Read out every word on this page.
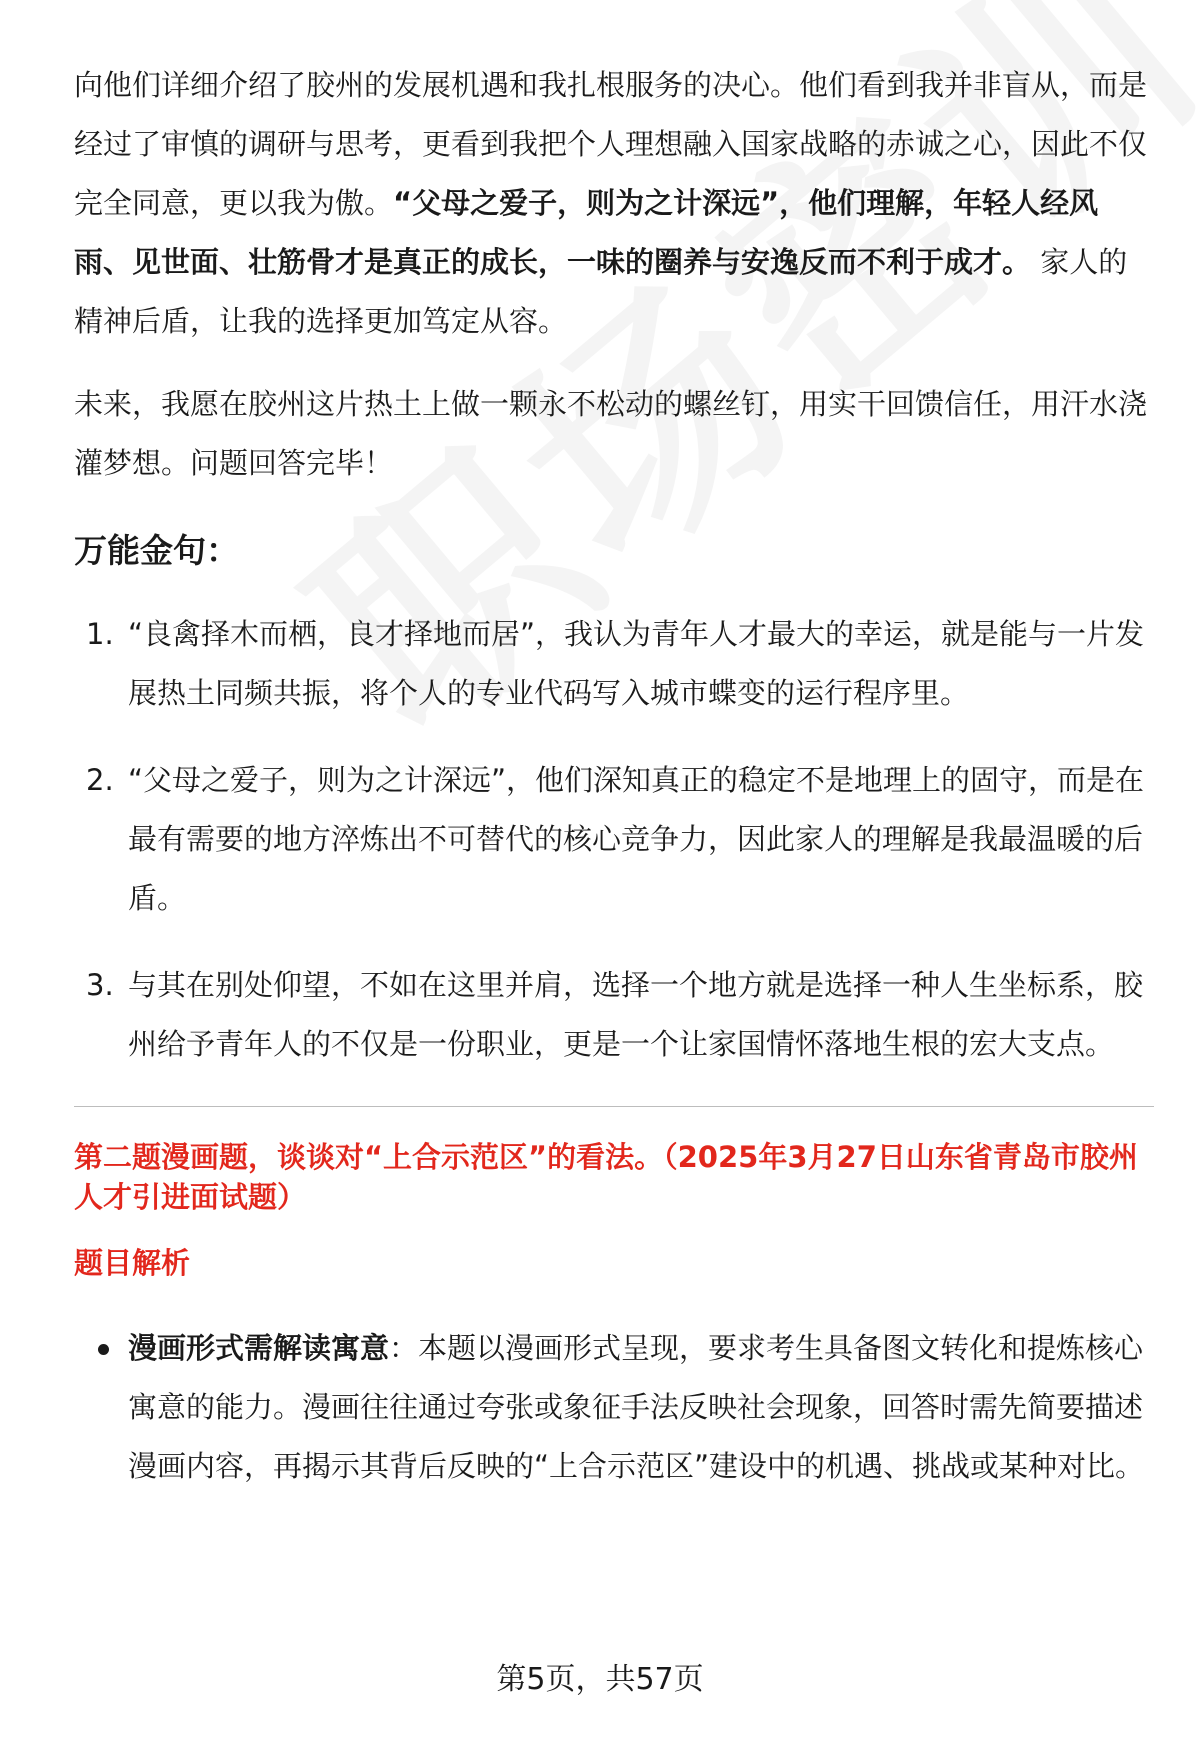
向他们详细介绍了胶州的发展机遇和我扎根服务的决心。他们看到我并非盲从，而是经过了审慎的调研与思考，更看到我把个人理想融入国家战略的赤诚之心，因此不仅完全同意，更以我为傲。“父母之爱子，则为之计深远”，他们理解，年轻人经风雨、见世面、壮筋骨才是真正的成长，一味的圈养与安逸反而不利于成才。 家人的精神后盾，让我的选择更加笃定从容。

未来，我愿在胶州这片热土上做一颗永不松动的螺丝钉，用实干回馈信任，用汗水浇灌梦想。问题回答完毕！

万能金句：
1. “良禽择木而栖，良才择地而居”，我认为青年人才最大的幸运，就是能与一片发展热土同频共振，将个人的专业代码写入城市蝶变的运行程序里。
2. “父母之爱子，则为之计深远”，他们深知真正的稳定不是地理上的固守，而是在最有需要的地方淬炼出不可替代的核心竞争力，因此家人的理解是我最温暖的后盾。
3. 与其在别处仰望，不如在这里并肩，选择一个地方就是选择一种人生坐标系，胶州给予青年人的不仅是一份职业，更是一个让家国情怀落地生根的宏大支点。
第二题漫画题，谈谈对“上合示范区”的看法。（2025年3月27日山东省青岛市胶州人才引进面试题）
题目解析
漫画形式需解读寓意：本题以漫画形式呈现，要求考生具备图文转化和提炼核心寓意的能力。漫画往往通过夸张或象征手法反映社会现象，回答时需先简要描述漫画内容，再揭示其背后反映的“上合示范区”建设中的机遇、挑战或某种对比。
第5页，共57页
